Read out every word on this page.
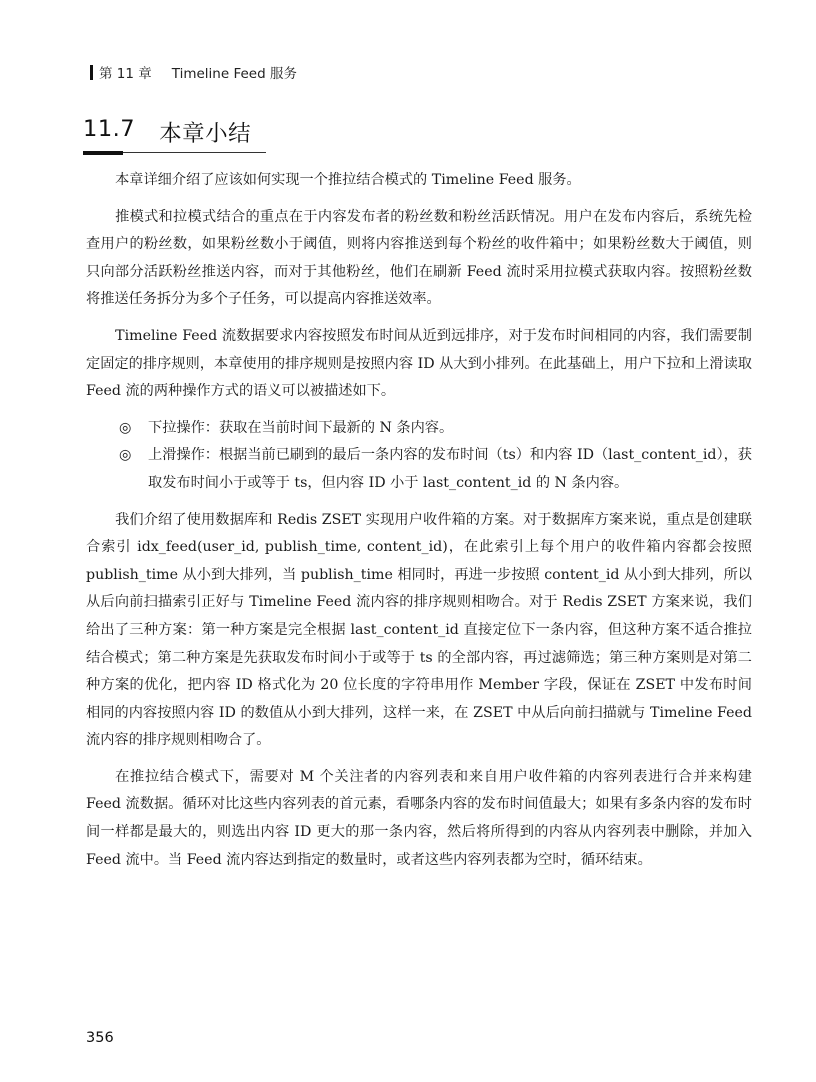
第 11 章 Timeline Feed 服务
11.7 本章小结

本章详细介绍了应该如何实现一个推拉结合模式的 Timeline Feed 服务。

推模式和拉模式结合的重点在于内容发布者的粉丝数和粉丝活跃情况。用户在发布内容后，系统先检查用户的粉丝数，如果粉丝数小于阈值，则将内容推送到每个粉丝的收件箱中；如果粉丝数大于阈值，则只向部分活跃粉丝推送内容，而对于其他粉丝，他们在刷新 Feed 流时采用拉模式获取内容。按照粉丝数将推送任务拆分为多个子任务，可以提高内容推送效率。

Timeline Feed 流数据要求内容按照发布时间从近到远排序，对于发布时间相同的内容，我们需要制定固定的排序规则，本章使用的排序规则是按照内容 ID 从大到小排列。在此基础上，用户下拉和上滑读取 Feed 流的两种操作方式的语义可以被描述如下。

◎ 下拉操作：获取在当前时间下最新的 N 条内容。
◎ 上滑操作：根据当前已刷到的最后一条内容的发布时间（ts）和内容 ID（last_content_id），获取发布时间小于或等于 ts，但内容 ID 小于 last_content_id 的 N 条内容。

我们介绍了使用数据库和 Redis ZSET 实现用户收件箱的方案。对于数据库方案来说，重点是创建联合索引 idx_feed(user_id, publish_time, content_id)，在此索引上每个用户的收件箱内容都会按照 publish_time 从小到大排列，当 publish_time 相同时，再进一步按照 content_id 从小到大排列，所以从后向前扫描索引正好与 Timeline Feed 流内容的排序规则相吻合。对于 Redis ZSET 方案来说，我们给出了三种方案：第一种方案是完全根据 last_content_id 直接定位下一条内容，但这种方案不适合推拉结合模式；第二种方案是先获取发布时间小于或等于 ts 的全部内容，再过滤筛选；第三种方案则是对第二种方案的优化，把内容 ID 格式化为 20 位长度的字符串用作 Member 字段，保证在 ZSET 中发布时间相同的内容按照内容 ID 的数值从小到大排列，这样一来，在 ZSET 中从后向前扫描就与 Timeline Feed 流内容的排序规则相吻合了。

在推拉结合模式下，需要对 M 个关注者的内容列表和来自用户收件箱的内容列表进行合并来构建 Feed 流数据。循环对比这些内容列表的首元素，看哪条内容的发布时间值最大；如果有多条内容的发布时间一样都是最大的，则选出内容 ID 更大的那一条内容，然后将所得到的内容从内容列表中删除，并加入 Feed 流中。当 Feed 流内容达到指定的数量时，或者这些内容列表都为空时，循环结束。

356
